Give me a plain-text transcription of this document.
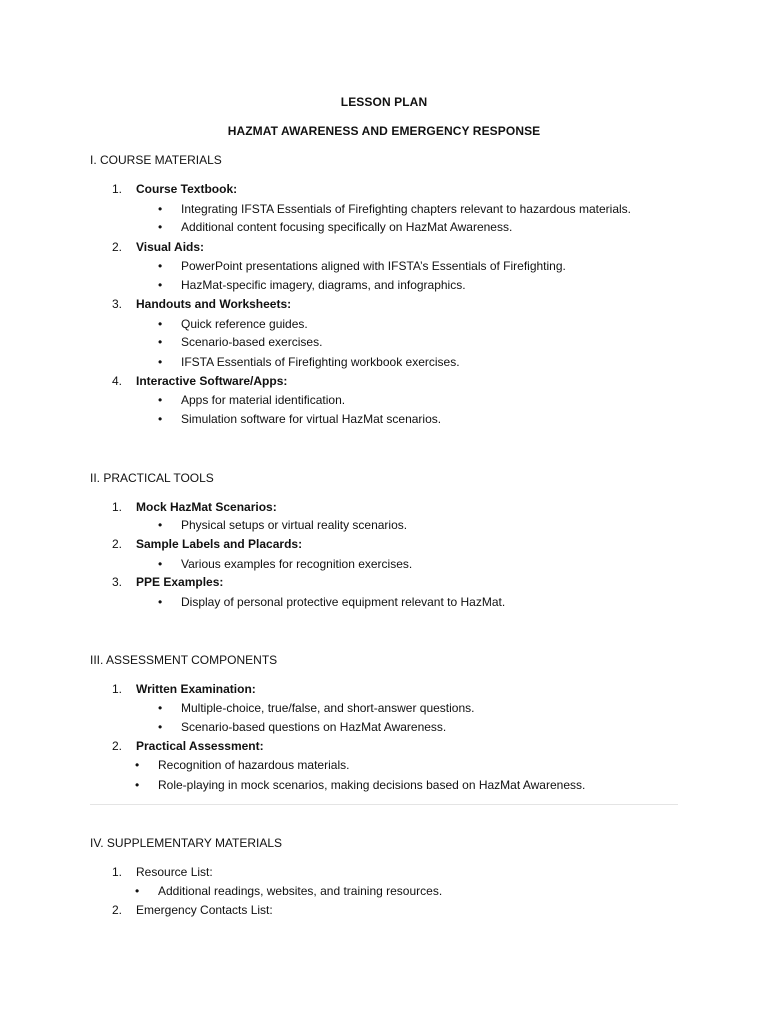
LESSON PLAN
HAZMAT AWARENESS AND EMERGENCY RESPONSE
I. COURSE MATERIALS
1. Course Textbook:
• Integrating IFSTA Essentials of Firefighting chapters relevant to hazardous materials.
• Additional content focusing specifically on HazMat Awareness.
2. Visual Aids:
• PowerPoint presentations aligned with IFSTA’s Essentials of Firefighting.
• HazMat-specific imagery, diagrams, and infographics.
3. Handouts and Worksheets:
• Quick reference guides.
• Scenario-based exercises.
• IFSTA Essentials of Firefighting workbook exercises.
4. Interactive Software/Apps:
• Apps for material identification.
• Simulation software for virtual HazMat scenarios.
II. PRACTICAL TOOLS
1. Mock HazMat Scenarios:
• Physical setups or virtual reality scenarios.
2. Sample Labels and Placards:
• Various examples for recognition exercises.
3. PPE Examples:
• Display of personal protective equipment relevant to HazMat.
III. ASSESSMENT COMPONENTS
1. Written Examination:
• Multiple-choice, true/false, and short-answer questions.
• Scenario-based questions on HazMat Awareness.
2. Practical Assessment:
• Recognition of hazardous materials.
• Role-playing in mock scenarios, making decisions based on HazMat Awareness.
IV. SUPPLEMENTARY MATERIALS
1. Resource List:
• Additional readings, websites, and training resources.
2. Emergency Contacts List:
